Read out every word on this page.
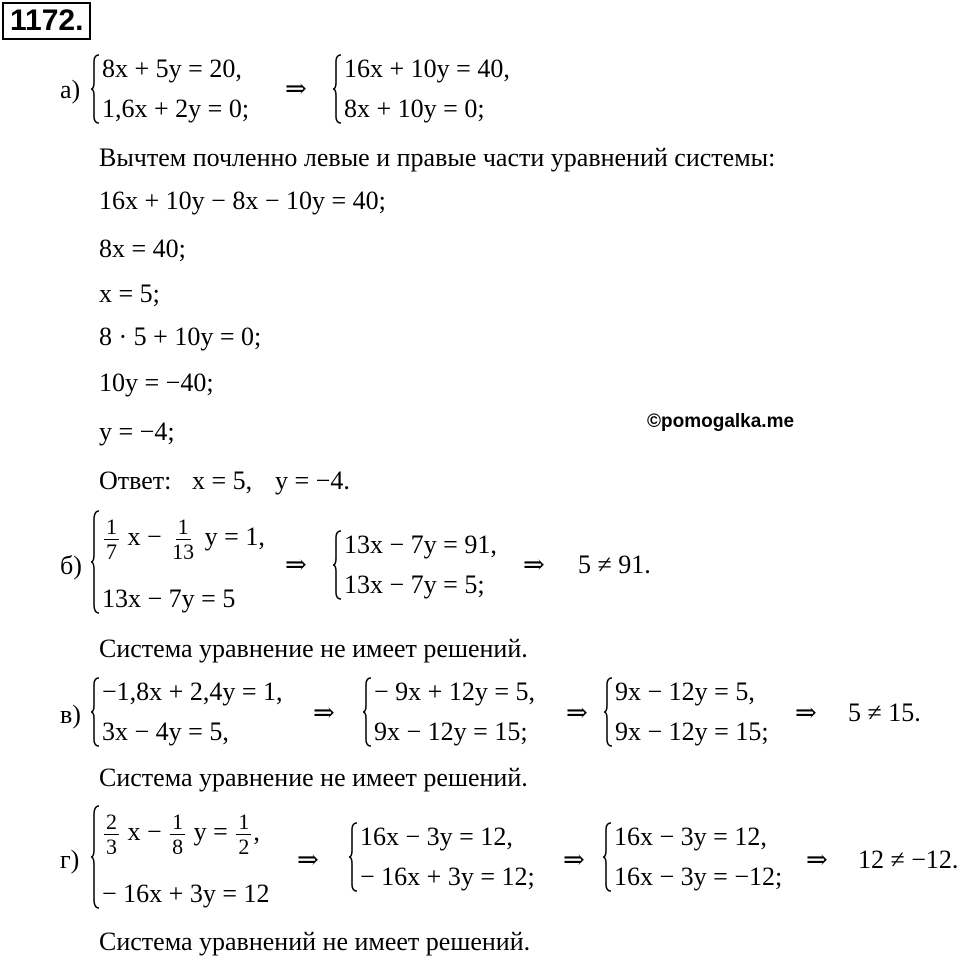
1172.
а)
8x + 5y = 20,
1,6x + 2y = 0;
⇒
16x + 10y = 40,
8x + 10y = 0;
Вычтем почленно левые и правые части уравнений системы:
16x + 10y − 8x − 10y = 40;
8x = 40;
x = 5;
8 · 5 + 10y = 0;
10y = −40;
y = −4;	©pomogalka.me
Ответ: x = 5, y = −4.
б)
$\frac{1}{7}$ $x - \frac{1}{13}$ y = 1,
13x − 7y = 5
⇒
13x − 7y = 91,
13x − 7y = 5;
⇒ 5 ≠ 91.
Система уравнение не имеет решений.
в)
−1,8x + 2,4y = 1,
3x − 4y = 5,
⇒
− 9x + 12y = 5,
9x − 12y = 15;
⇒
9x − 12y = 5,
9x − 12y = 15;
⇒ 5 ≠ 15.
Система уравнение не имеет решений.
г)
$\frac{2}{3}$ $x - \frac{1}{8}$ $y = \frac{1}{2}$ ,
− 16x + 3y = 12
⇒
16x − 3y = 12,
− 16x + 3y = 12;
⇒
16x − 3y = 12,
16x − 3y = −12;
⇒ 12 ≠ −12.
Система уравнений не имеет решений.
